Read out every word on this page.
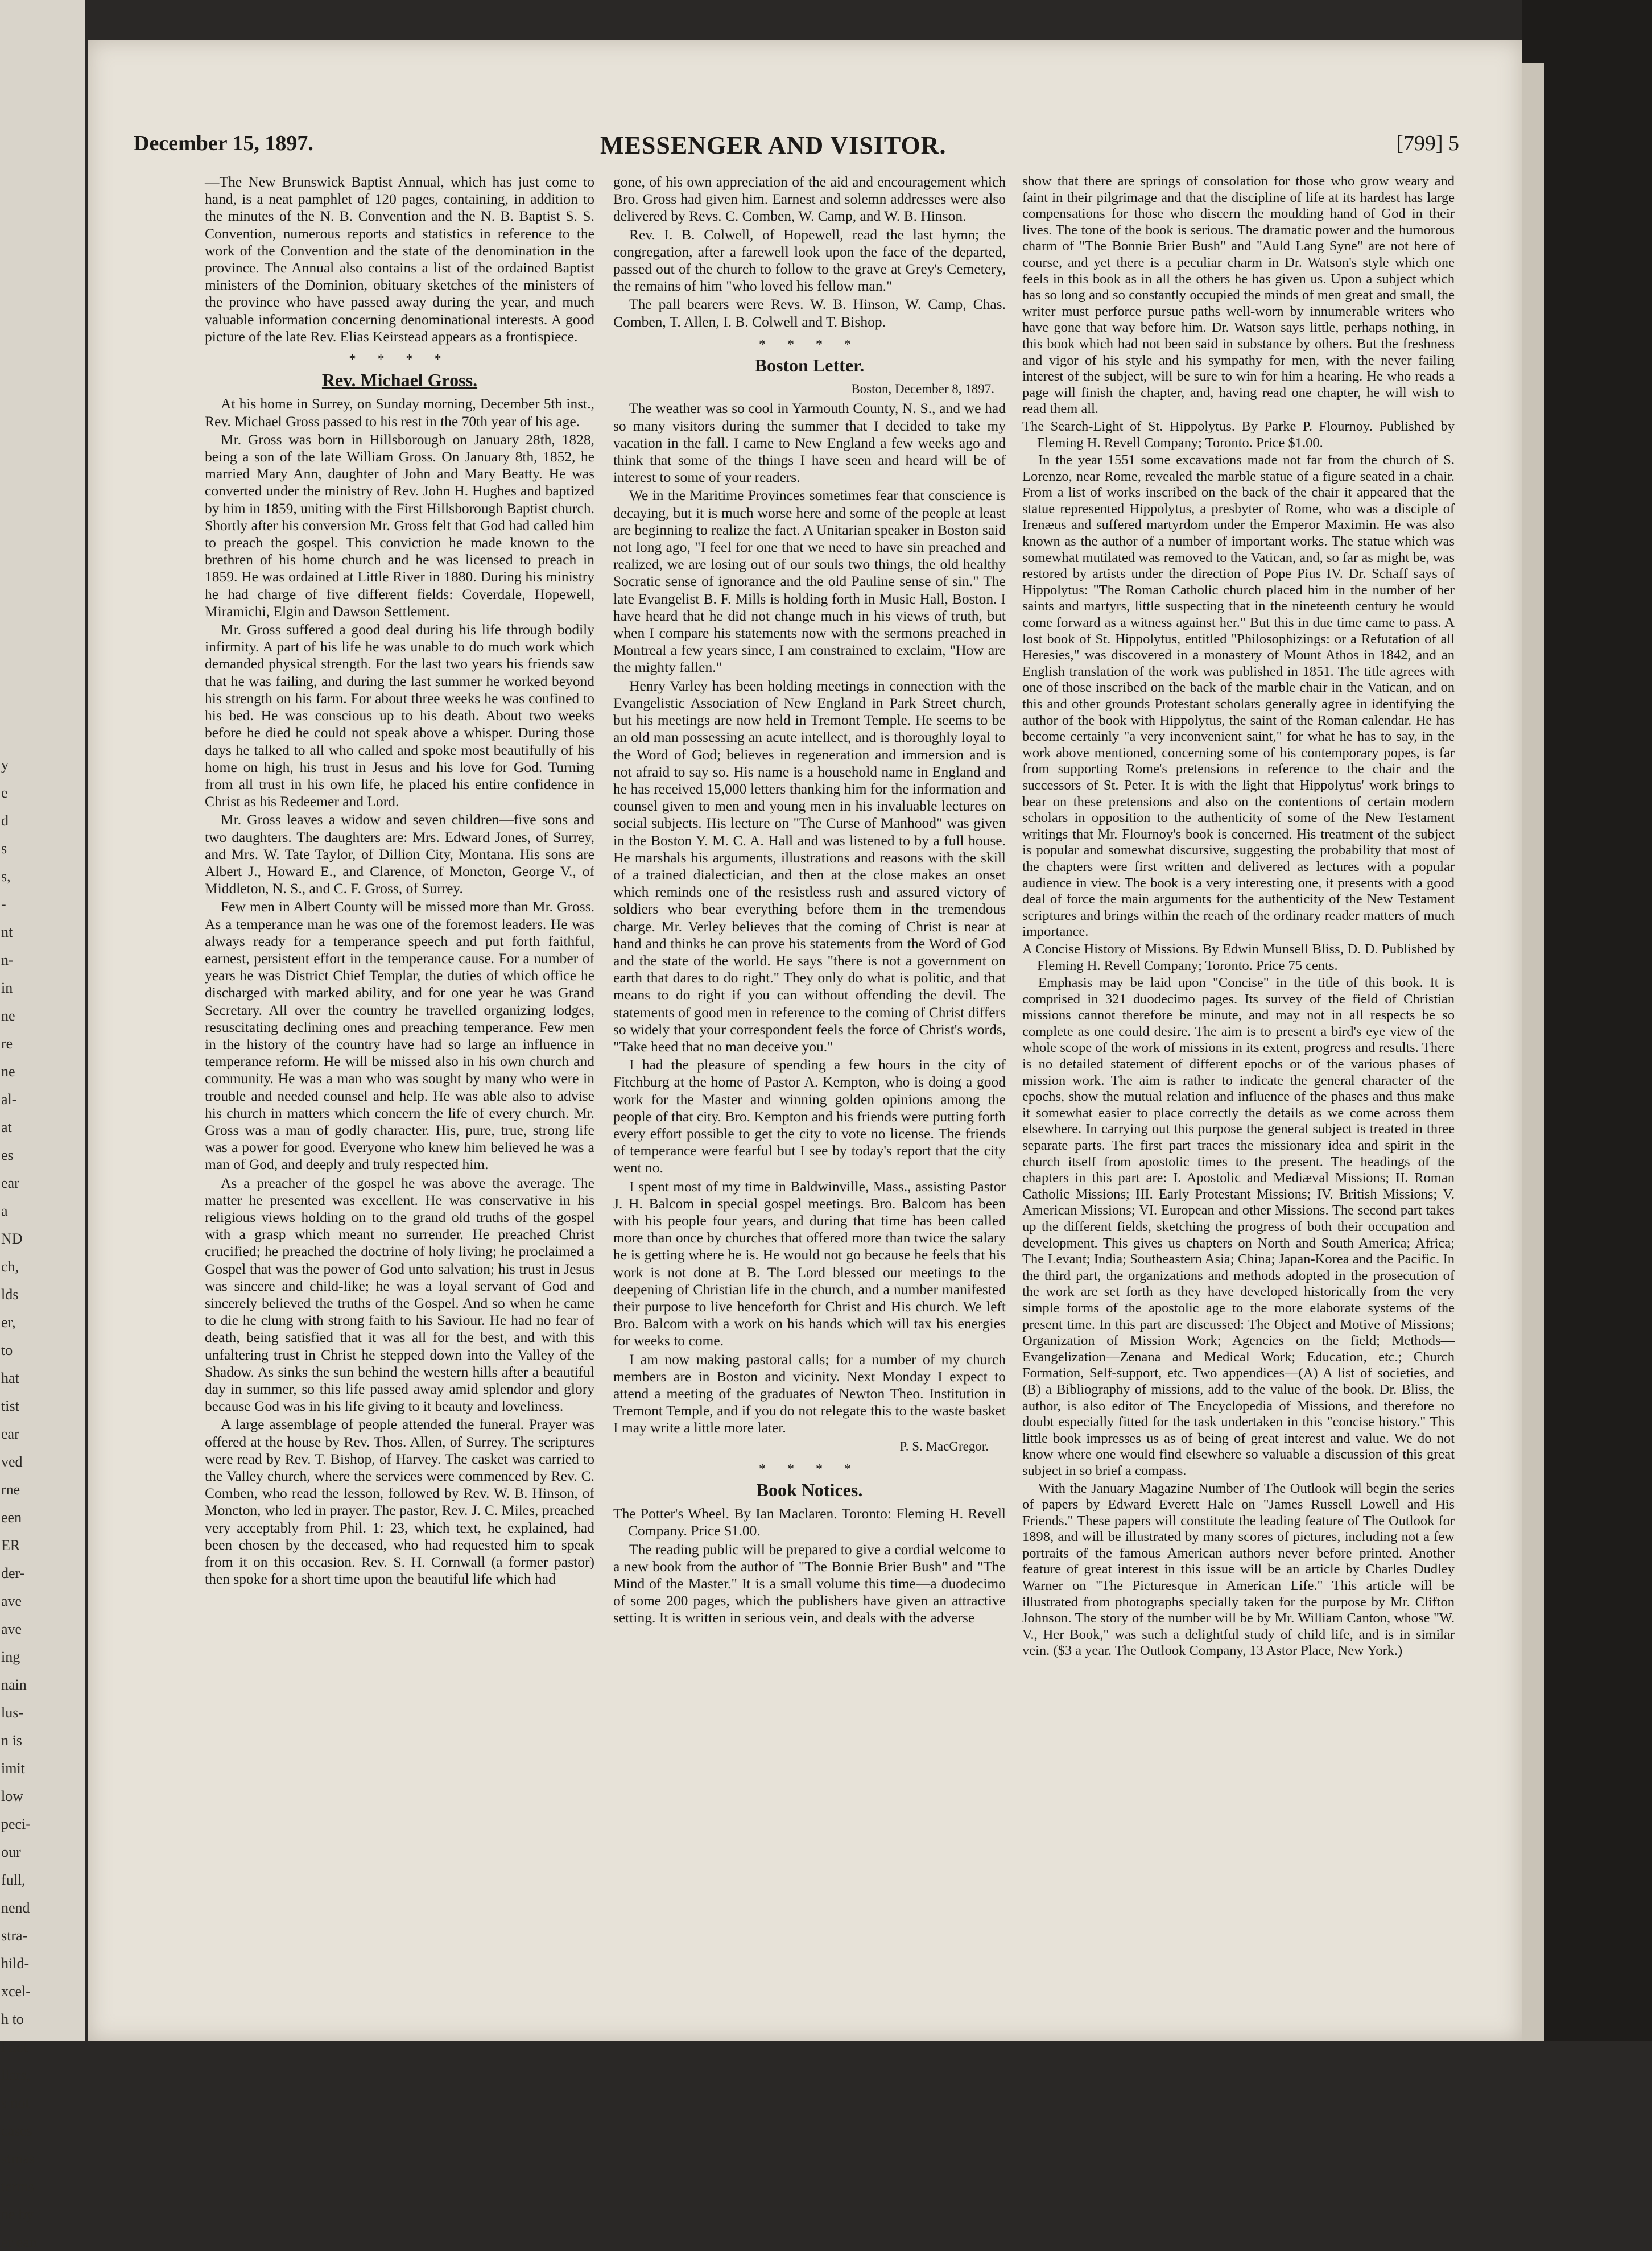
y
e
d
s
s,
-
nt
n-
in
ne
re
ne
al-
at
es
ear
a
ND
ch,
lds
er,
to
hat
tist
ear
ved
rne
een
ER
der-
ave
ave
ing
nain
lus-
n is
imit
low
peci-
our
full,
nend
stra-
hild-
xcel-
h to
l not
llars,
s not
cases
stmas
terms
ne by
er ean
December 15, 1897.	MESSENGER AND VISITOR.	[799] 5

—The New Brunswick Baptist Annual, which has just come to hand, is a neat pamphlet of 120 pages, containing, in addition to the minutes of the N. B. Convention and the N. B. Baptist S. S. Convention, numerous reports and statistics in reference to the work of the Convention and the state of the denomination in the province. The Annual also contains a list of the ordained Baptist ministers of the Dominion, obituary sketches of the ministers of the province who have passed away during the year, and much valuable information concerning denominational interests. A good picture of the late Rev. Elias Keirstead appears as a frontispiece.

* * * *
Rev. Michael Gross.

At his home in Surrey, on Sunday morning, December 5th inst., Rev. Michael Gross passed to his rest in the 70th year of his age.

Mr. Gross was born in Hillsborough on January 28th, 1828, being a son of the late William Gross. On January 8th, 1852, he married Mary Ann, daughter of John and Mary Beatty. He was converted under the ministry of Rev. John H. Hughes and baptized by him in 1859, uniting with the First Hillsborough Baptist church. Shortly after his conversion Mr. Gross felt that God had called him to preach the gospel. This conviction he made known to the brethren of his home church and he was licensed to preach in 1859. He was ordained at Little River in 1880. During his ministry he had charge of five different fields: Coverdale, Hopewell, Miramichi, Elgin and Dawson Settlement.

Mr. Gross suffered a good deal during his life through bodily infirmity. A part of his life he was unable to do much work which demanded physical strength. For the last two years his friends saw that he was failing, and during the last summer he worked beyond his strength on his farm. For about three weeks he was confined to his bed. He was conscious up to his death. About two weeks before he died he could not speak above a whisper. During those days he talked to all who called and spoke most beautifully of his home on high, his trust in Jesus and his love for God. Turning from all trust in his own life, he placed his entire confidence in Christ as his Redeemer and Lord.

Mr. Gross leaves a widow and seven children—five sons and two daughters. The daughters are: Mrs. Edward Jones, of Surrey, and Mrs. W. Tate Taylor, of Dillion City, Montana. His sons are Albert J., Howard E., and Clarence, of Moncton, George V., of Middleton, N. S., and C. F. Gross, of Surrey.

Few men in Albert County will be missed more than Mr. Gross. As a temperance man he was one of the foremost leaders. He was always ready for a temperance speech and put forth faithful, earnest, persistent effort in the temperance cause. For a number of years he was District Chief Templar, the duties of which office he discharged with marked ability, and for one year he was Grand Secretary. All over the country he travelled organizing lodges, resuscitating declining ones and preaching temperance. Few men in the history of the country have had so large an influence in temperance reform. He will be missed also in his own church and community. He was a man who was sought by many who were in trouble and needed counsel and help. He was able also to advise his church in matters which concern the life of every church. Mr. Gross was a man of godly character. His, pure, true, strong life was a power for good. Everyone who knew him believed he was a man of God, and deeply and truly respected him.

As a preacher of the gospel he was above the average. The matter he presented was excellent. He was conservative in his religious views holding on to the grand old truths of the gospel with a grasp which meant no surrender. He preached Christ crucified; he preached the doctrine of holy living; he proclaimed a Gospel that was the power of God unto salvation; his trust in Jesus was sincere and child-like; he was a loyal servant of God and sincerely believed the truths of the Gospel. And so when he came to die he clung with strong faith to his Saviour. He had no fear of death, being satisfied that it was all for the best, and with this unfaltering trust in Christ he stepped down into the Valley of the Shadow. As sinks the sun behind the western hills after a beautiful day in summer, so this life passed away amid splendor and glory because God was in his life giving to it beauty and loveliness.

A large assemblage of people attended the funeral. Prayer was offered at the house by Rev. Thos. Allen, of Surrey. The scriptures were read by Rev. T. Bishop, of Harvey. The casket was carried to the Valley church, where the services were commenced by Rev. C. Comben, who read the lesson, followed by Rev. W. B. Hinson, of Moncton, who led in prayer. The pastor, Rev. J. C. Miles, preached very acceptably from Phil. 1: 23, which text, he explained, had been chosen by the deceased, who had requested him to speak from it on this occasion. Rev. S. H. Cornwall (a former pastor) then spoke for a short time upon the beautiful life which had

gone, of his own appreciation of the aid and encouragement which Bro. Gross had given him. Earnest and solemn addresses were also delivered by Revs. C. Comben, W. Camp, and W. B. Hinson.

Rev. I. B. Colwell, of Hopewell, read the last hymn; the congregation, after a farewell look upon the face of the departed, passed out of the church to follow to the grave at Grey's Cemetery, the remains of him "who loved his fellow man."

The pall bearers were Revs. W. B. Hinson, W. Camp, Chas. Comben, T. Allen, I. B. Colwell and T. Bishop.

* * * *
Boston Letter.
Boston, December 8, 1897.

The weather was so cool in Yarmouth County, N. S., and we had so many visitors during the summer that I decided to take my vacation in the fall. I came to New England a few weeks ago and think that some of the things I have seen and heard will be of interest to some of your readers.

We in the Maritime Provinces sometimes fear that conscience is decaying, but it is much worse here and some of the people at least are beginning to realize the fact. A Unitarian speaker in Boston said not long ago, "I feel for one that we need to have sin preached and realized, we are losing out of our souls two things, the old healthy Socratic sense of ignorance and the old Pauline sense of sin." The late Evangelist B. F. Mills is holding forth in Music Hall, Boston. I have heard that he did not change much in his views of truth, but when I compare his statements now with the sermons preached in Montreal a few years since, I am constrained to exclaim, "How are the mighty fallen."

Henry Varley has been holding meetings in connection with the Evangelistic Association of New England in Park Street church, but his meetings are now held in Tremont Temple. He seems to be an old man possessing an acute intellect, and is thoroughly loyal to the Word of God; believes in regeneration and immersion and is not afraid to say so. His name is a household name in England and he has received 15,000 letters thanking him for the information and counsel given to men and young men in his invaluable lectures on social subjects. His lecture on "The Curse of Manhood" was given in the Boston Y. M. C. A. Hall and was listened to by a full house. He marshals his arguments, illustrations and reasons with the skill of a trained dialectician, and then at the close makes an onset which reminds one of the resistless rush and assured victory of soldiers who bear everything before them in the tremendous charge. Mr. Verley believes that the coming of Christ is near at hand and thinks he can prove his statements from the Word of God and the state of the world. He says "there is not a government on earth that dares to do right." They only do what is politic, and that means to do right if you can without offending the devil. The statements of good men in reference to the coming of Christ differs so widely that your correspondent feels the force of Christ's words, "Take heed that no man deceive you."

I had the pleasure of spending a few hours in the city of Fitchburg at the home of Pastor A. Kempton, who is doing a good work for the Master and winning golden opinions among the people of that city. Bro. Kempton and his friends were putting forth every effort possible to get the city to vote no license. The friends of temperance were fearful but I see by today's report that the city went no.

I spent most of my time in Baldwinville, Mass., assisting Pastor J. H. Balcom in special gospel meetings. Bro. Balcom has been with his people four years, and during that time has been called more than once by churches that offered more than twice the salary he is getting where he is. He would not go because he feels that his work is not done at B. The Lord blessed our meetings to the deepening of Christian life in the church, and a number manifested their purpose to live henceforth for Christ and His church. We left Bro. Balcom with a work on his hands which will tax his energies for weeks to come.

I am now making pastoral calls; for a number of my church members are in Boston and vicinity. Next Monday I expect to attend a meeting of the graduates of Newton Theo. Institution in Tremont Temple, and if you do not relegate this to the waste basket I may write a little more later.

P. S. MacGregor.
* * * *
Book Notices.

The Potter's Wheel. By Ian Maclaren. Toronto: Fleming H. Revell Company. Price $1.00.

The reading public will be prepared to give a cordial welcome to a new book from the author of "The Bonnie Brier Bush" and "The Mind of the Master." It is a small volume this time—a duodecimo of some 200 pages, which the publishers have given an attractive setting. It is written in serious vein, and deals with the adverse

show that there are springs of consolation for those who grow weary and faint in their pilgrimage and that the discipline of life at its hardest has large compensations for those who discern the moulding hand of God in their lives. The tone of the book is serious. The dramatic power and the humorous charm of "The Bonnie Brier Bush" and "Auld Lang Syne" are not here of course, and yet there is a peculiar charm in Dr. Watson's style which one feels in this book as in all the others he has given us. Upon a subject which has so long and so constantly occupied the minds of men great and small, the writer must perforce pursue paths well-worn by innumerable writers who have gone that way before him. Dr. Watson says little, perhaps nothing, in this book which had not been said in substance by others. But the freshness and vigor of his style and his sympathy for men, with the never failing interest of the subject, will be sure to win for him a hearing. He who reads a page will finish the chapter, and, having read one chapter, he will wish to read them all.

The Search-Light of St. Hippolytus. By Parke P. Flournoy. Published by Fleming H. Revell Company; Toronto. Price $1.00.

In the year 1551 some excavations made not far from the church of S. Lorenzo, near Rome, revealed the marble statue of a figure seated in a chair. From a list of works inscribed on the back of the chair it appeared that the statue represented Hippolytus, a presbyter of Rome, who was a disciple of Irenæus and suffered martyrdom under the Emperor Maximin. He was also known as the author of a number of important works. The statue which was somewhat mutilated was removed to the Vatican, and, so far as might be, was restored by artists under the direction of Pope Pius IV. Dr. Schaff says of Hippolytus: "The Roman Catholic church placed him in the number of her saints and martyrs, little suspecting that in the nineteenth century he would come forward as a witness against her." But this in due time came to pass. A lost book of St. Hippolytus, entitled "Philosophizings: or a Refutation of all Heresies," was discovered in a monastery of Mount Athos in 1842, and an English translation of the work was published in 1851. The title agrees with one of those inscribed on the back of the marble chair in the Vatican, and on this and other grounds Protestant scholars generally agree in identifying the author of the book with Hippolytus, the saint of the Roman calendar. He has become certainly "a very inconvenient saint," for what he has to say, in the work above mentioned, concerning some of his contemporary popes, is far from supporting Rome's pretensions in reference to the chair and the successors of St. Peter. It is with the light that Hippolytus' work brings to bear on these pretensions and also on the contentions of certain modern scholars in opposition to the authenticity of some of the New Testament writings that Mr. Flournoy's book is concerned. His treatment of the subject is popular and somewhat discursive, suggesting the probability that most of the chapters were first written and delivered as lectures with a popular audience in view. The book is a very interesting one, it presents with a good deal of force the main arguments for the authenticity of the New Testament scriptures and brings within the reach of the ordinary reader matters of much importance.

A Concise History of Missions. By Edwin Munsell Bliss, D. D. Published by Fleming H. Revell Company; Toronto. Price 75 cents.

Emphasis may be laid upon "Concise" in the title of this book. It is comprised in 321 duodecimo pages. Its survey of the field of Christian missions cannot therefore be minute, and may not in all respects be so complete as one could desire. The aim is to present a bird's eye view of the whole scope of the work of missions in its extent, progress and results. There is no detailed statement of different epochs or of the various phases of mission work. The aim is rather to indicate the general character of the epochs, show the mutual relation and influence of the phases and thus make it somewhat easier to place correctly the details as we come across them elsewhere. In carrying out this purpose the general subject is treated in three separate parts. The first part traces the missionary idea and spirit in the church itself from apostolic times to the present. The headings of the chapters in this part are: I. Apostolic and Mediæval Missions; II. Roman Catholic Missions; III. Early Protestant Missions; IV. British Missions; V. American Missions; VI. European and other Missions. The second part takes up the different fields, sketching the progress of both their occupation and development. This gives us chapters on North and South America; Africa; The Levant; India; Southeastern Asia; China; Japan-Korea and the Pacific. In the third part, the organizations and methods adopted in the prosecution of the work are set forth as they have developed historically from the very simple forms of the apostolic age to the more elaborate systems of the present time. In this part are discussed: The Object and Motive of Missions; Organization of Mission Work; Agencies on the field; Methods—Evangelization—Zenana and Medical Work; Education, etc.; Church Formation, Self-support, etc. Two appendices—(A) A list of societies, and (B) a Bibliography of missions, add to the value of the book. Dr. Bliss, the author, is also editor of The Encyclopedia of Missions, and therefore no doubt especially fitted for the task undertaken in this "concise history." This little book impresses us as of being of great interest and value. We do not know where one would find elsewhere so valuable a discussion of this great subject in so brief a compass.

With the January Magazine Number of The Outlook will begin the series of papers by Edward Everett Hale on "James Russell Lowell and His Friends." These papers will constitute the leading feature of The Outlook for 1898, and will be illustrated by many scores of pictures, including not a few portraits of the famous American authors never before printed. Another feature of great interest in this issue will be an article by Charles Dudley Warner on "The Picturesque in American Life." This article will be illustrated from photographs specially taken for the purpose by Mr. Clifton Johnson. The story of the number will be by Mr. William Canton, whose "W. V., Her Book," was such a delightful study of child life, and is in similar vein. ($3 a year. The Outlook Company, 13 Astor Place, New York.)
